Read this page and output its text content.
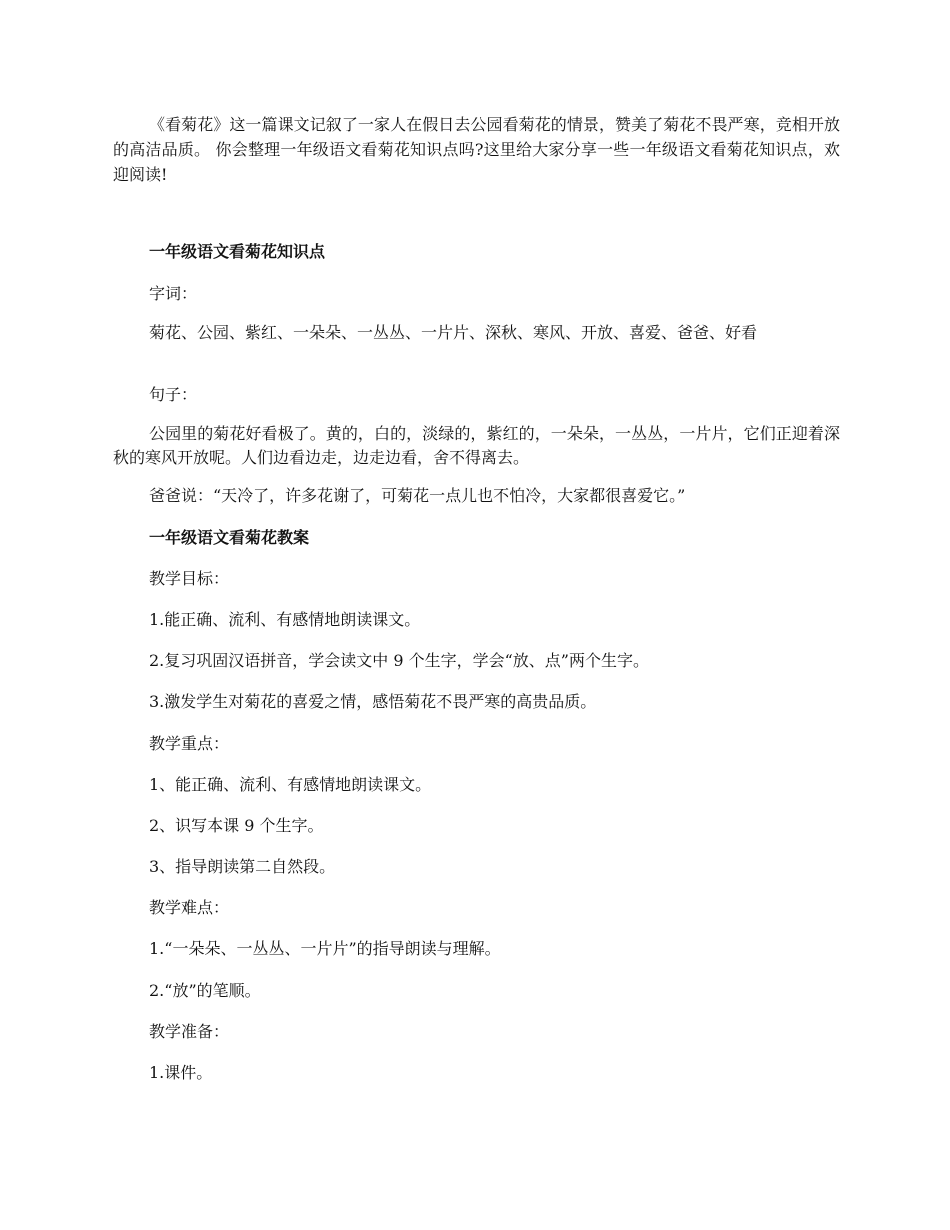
《看菊花》这一篇课文记叙了一家人在假日去公园看菊花的情景，赞美了菊花不畏严寒，竞相开放的高洁品质。 你会整理一年级语文看菊花知识点吗?这里给大家分享一些一年级语文看菊花知识点，欢迎阅读!

一年级语文看菊花知识点

字词：

菊花、公园、紫红、一朵朵、一丛丛、一片片、深秋、寒风、开放、喜爱、爸爸、好看

句子：

公园里的菊花好看极了。黄的，白的，淡绿的，紫红的，一朵朵，一丛丛，一片片，它们正迎着深秋的寒风开放呢。人们边看边走，边走边看，舍不得离去。

爸爸说：“天冷了，许多花谢了，可菊花一点儿也不怕冷，大家都很喜爱它。”

一年级语文看菊花教案

教学目标：

1.能正确、流利、有感情地朗读课文。

2.复习巩固汉语拼音，学会读文中 9 个生字，学会“放、点”两个生字。

3.激发学生对菊花的喜爱之情，感悟菊花不畏严寒的高贵品质。

教学重点：

1、能正确、流利、有感情地朗读课文。

2、识写本课 9 个生字。

3、指导朗读第二自然段。

教学难点：

1.“一朵朵、一丛丛、一片片”的指导朗读与理解。

2.“放”的笔顺。

教学准备：

1.课件。
